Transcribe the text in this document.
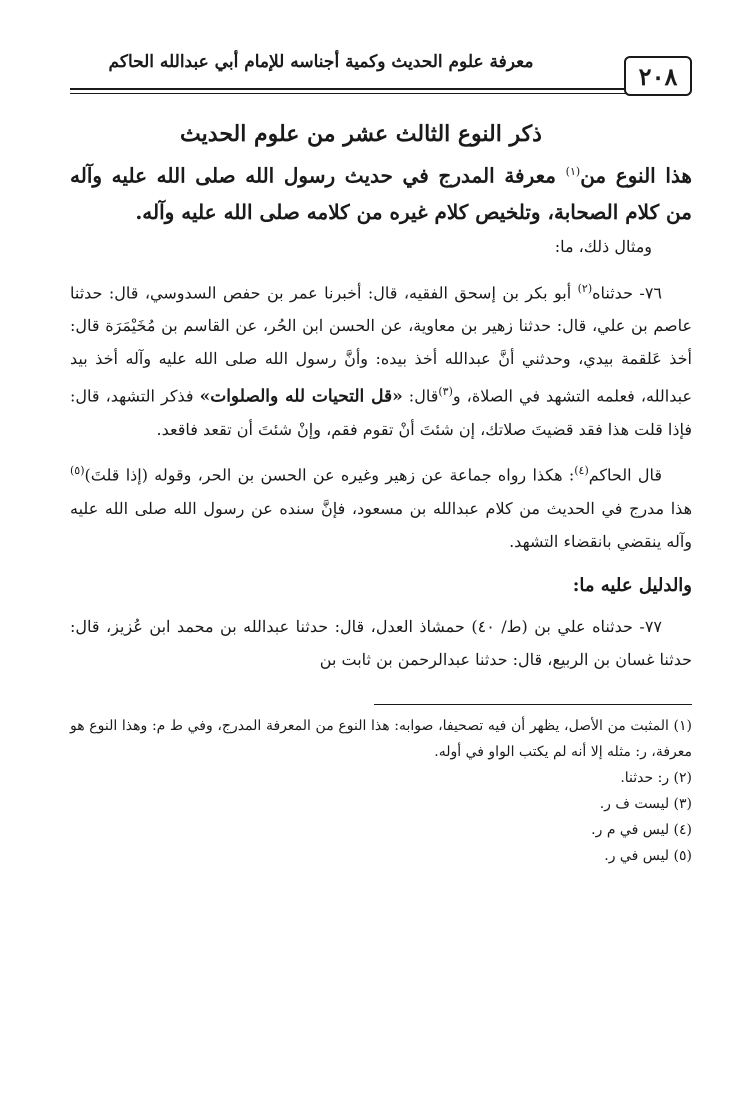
معرفة علوم الحديث وكمية أجناسه للإمام أبي عبدالله الحاكم	٢٠٨
ذكر النوع الثالث عشر من علوم الحديث
هذا النوع من$^{(١)}$ معرفة المدرج في حديث رسول الله صلى الله عليه وآله من كلام الصحابة، وتلخيص كلام غيره من كلامه صلى الله عليه وآله.
ومثال ذلك، ما:

٧٦- حدثناه$^{(٢)}$ أبو بكر بن إسحق الفقيه، قال: أخبرنا عمر بن حفص السدوسي، قال: حدثنا عاصم بن علي، قال: حدثنا زهير بن معاوية، عن الحسن ابن الحُر، عن القاسم بن مُخَيْمَرَة قال: أخذ عَلقمة بيدي، وحدثني أنَّ عبدالله أخذ بيده: وأنَّ رسول الله صلى الله عليه وآله أخذ بيد عبدالله، فعلمه التشهد في الصلاة، و$^{(٣)}$قال: «قل التحيات لله والصلوات» فذكر التشهد، قال: فإذا قلت هذا فقد قضيتَ صلاتك، إن شئتَ أنْ تقوم فقم، وإنْ شئتَ أن تقعد فاقعد.

قال الحاكم$^{(٤)}$: هكذا رواه جماعة عن زهير وغيره عن الحسن بن الحر، وقوله (إذا قلتَ)$^{(٥)}$ هذا مدرج في الحديث من كلام عبدالله بن مسعود، فإنَّ سنده عن رسول الله صلى الله عليه وآله ينقضي بانقضاء التشهد.

والدليل عليه ما:

٧٧- حدثناه علي بن (ط/ ٤٠) حمشاذ العدل، قال: حدثنا عبدالله بن محمد ابن عُزيز، قال: حدثنا غسان بن الربيع، قال: حدثنا عبدالرحمن بن ثابت بن

(١) المثبت من الأصل، يظهر أن فيه تصحيفا، صوابه: هذا النوع من المعرفة المدرج، وفي ط م: وهذا النوع هو معرفة، ر: مثله إلا أنه لم يكتب الواو في أوله.
(٢) ر: حدثنا.
(٣) ليست ف ر.
(٤) ليس في م ر.
(٥) ليس في ر.
